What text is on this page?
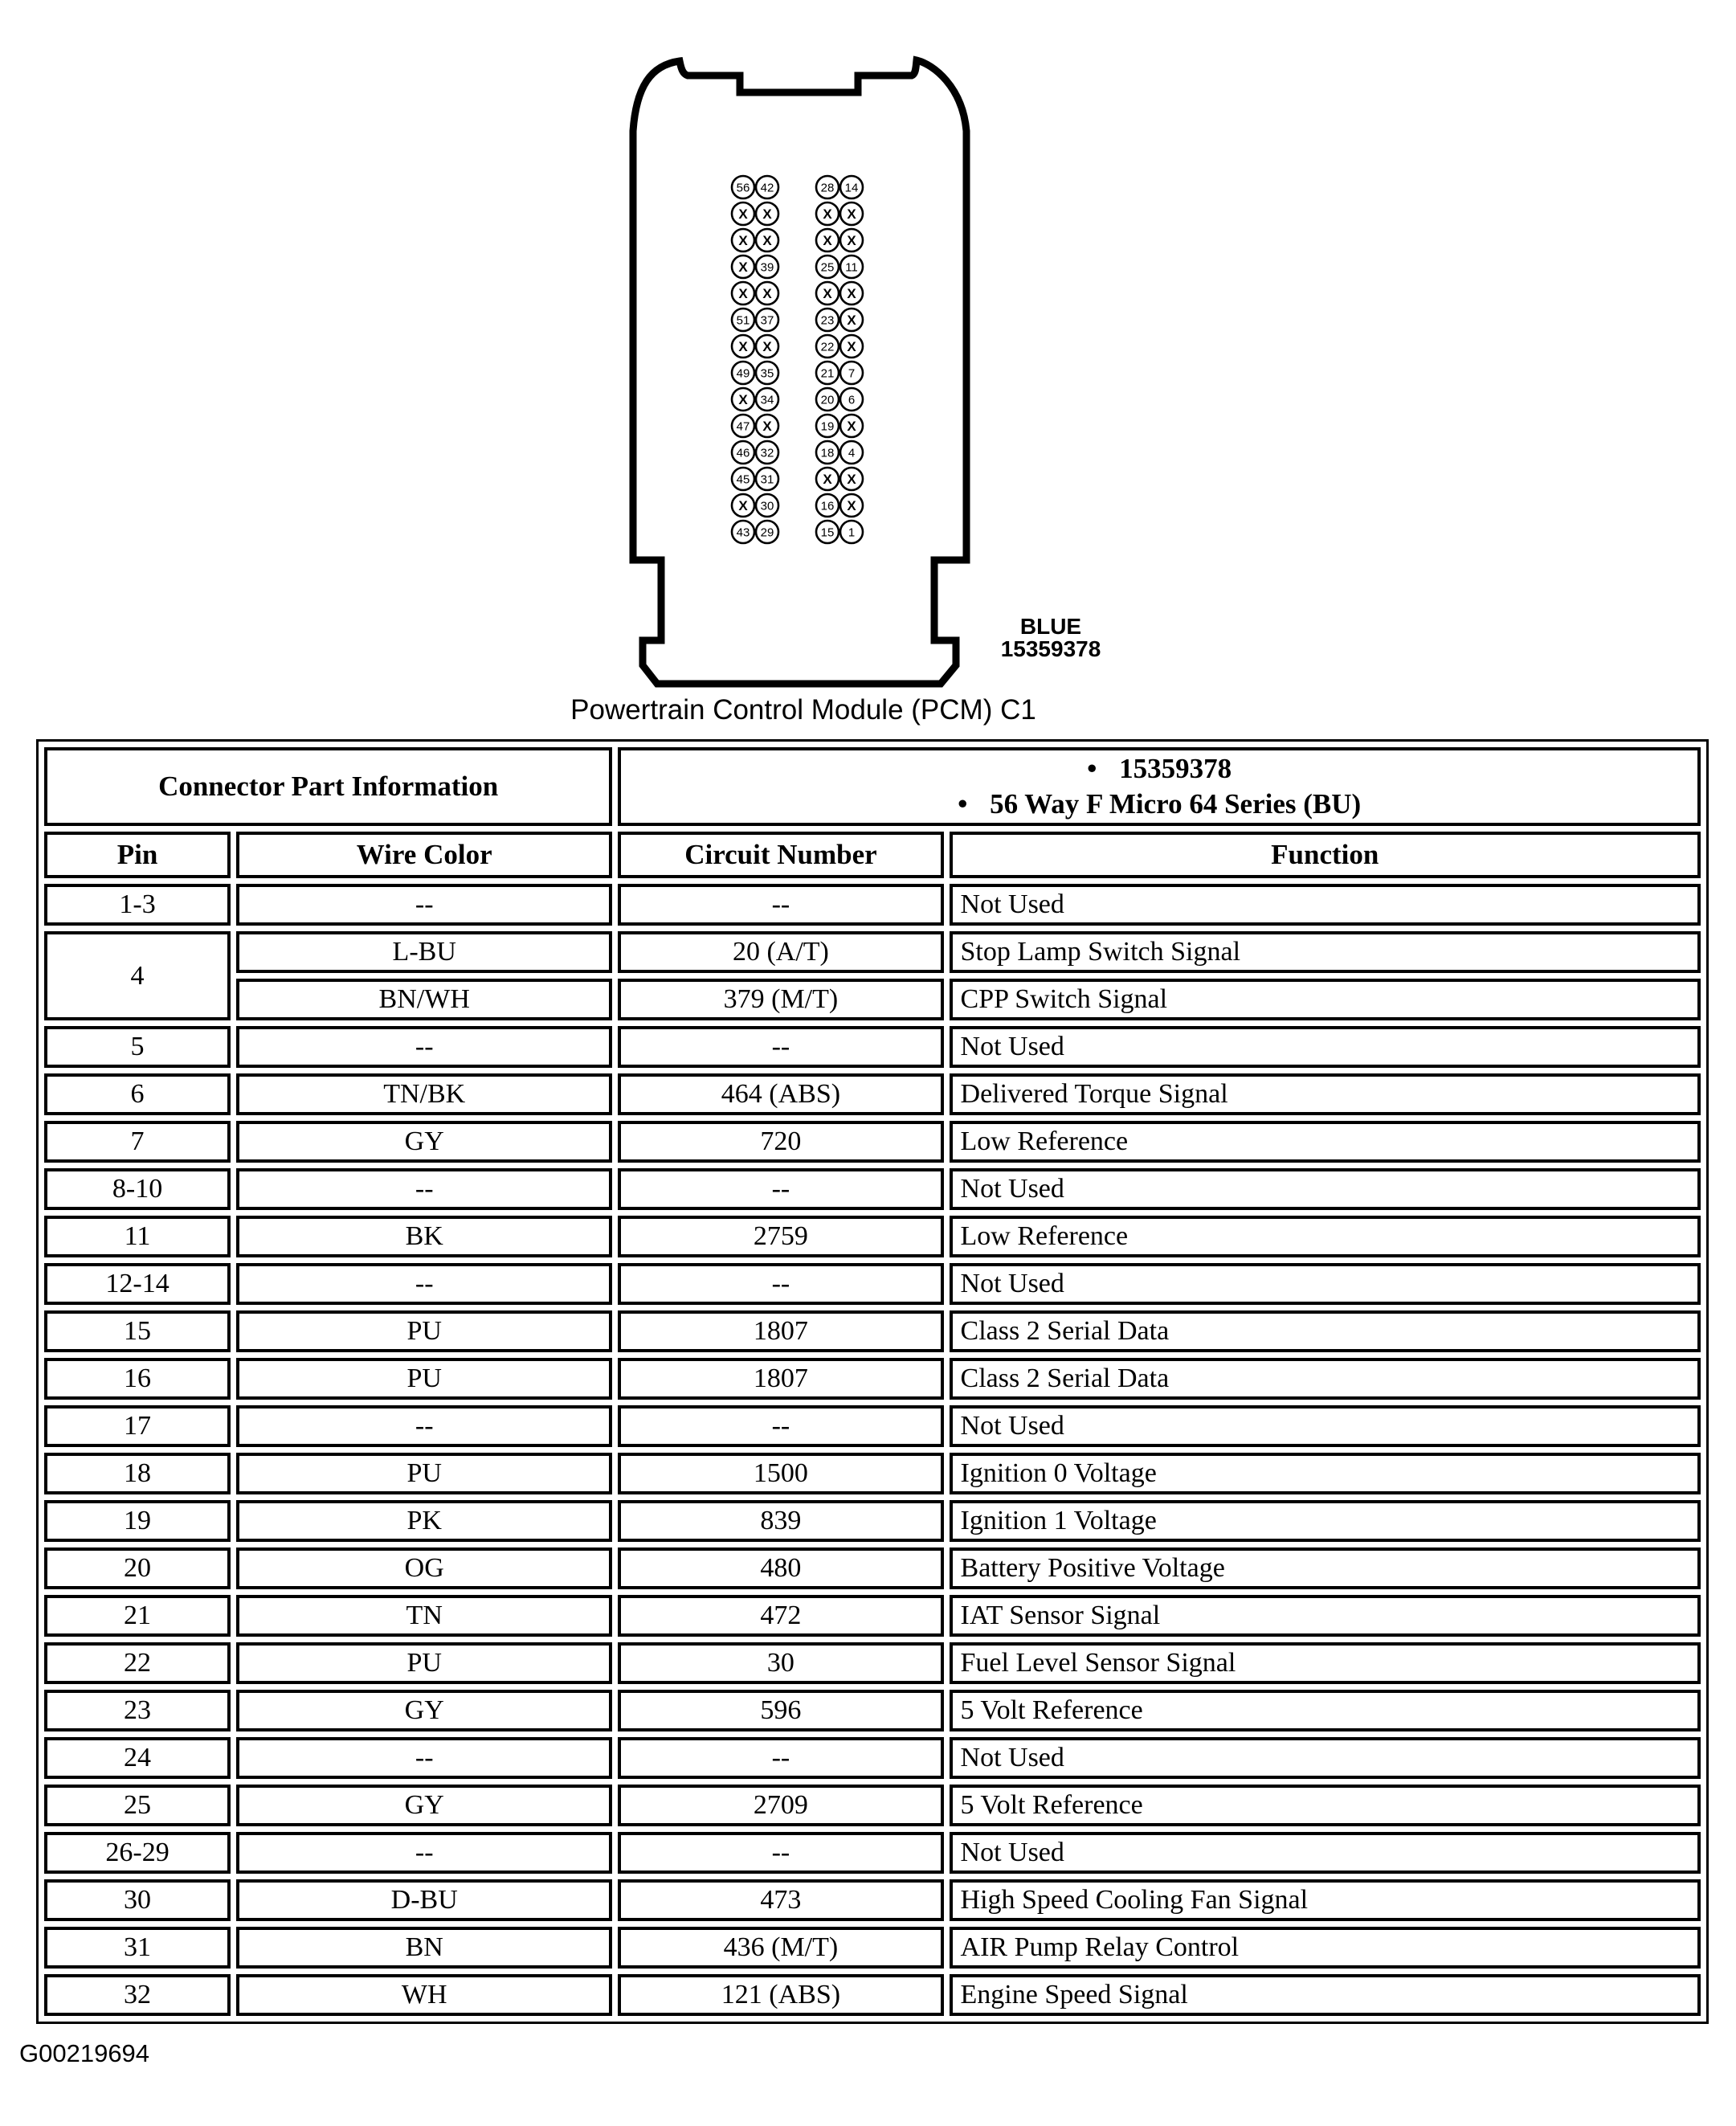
56 42	28 14
X X	X X
X X	X X
X 39	25 11
X X	X X
51 37	23 X
X X	22 X
49 35	21 7
X 34	20 6
47 X	19 X
46 32	18 4
45 31	X X
X 30	16 X
43 29	15 1
BLUE
15359378
Powertrain Control Module (PCM) C1
Connector Part Information		• 15359378
• 56 Way F Micro 64 Series (BU)	

Pin	Wire Color	Circuit Number	Function
1-3	--	--	Not Used
4	L-BU	20 (A/T)	Stop Lamp Switch Signal
	BN/WH	379 (M/T)	CPP Switch Signal
5	--	--	Not Used
6	TN/BK	464 (ABS)	Delivered Torque Signal
7	GY	720	Low Reference
8-10	--	--	Not Used
11	BK	2759	Low Reference
12-14	--	--	Not Used
15	PU	1807	Class 2 Serial Data
16	PU	1807	Class 2 Serial Data
17	--	--	Not Used
18	PU	1500	Ignition 0 Voltage
19	PK	839	Ignition 1 Voltage
20	OG	480	Battery Positive Voltage
21	TN	472	IAT Sensor Signal
22	PU	30	Fuel Level Sensor Signal
23	GY	596	5 Volt Reference
24	--	--	Not Used
25	GY	2709	5 Volt Reference
26-29	--	--	Not Used
30	D-BU	473	High Speed Cooling Fan Signal
31	BN	436 (M/T)	AIR Pump Relay Control
32	WH	121 (ABS)	Engine Speed Signal
G00219694
